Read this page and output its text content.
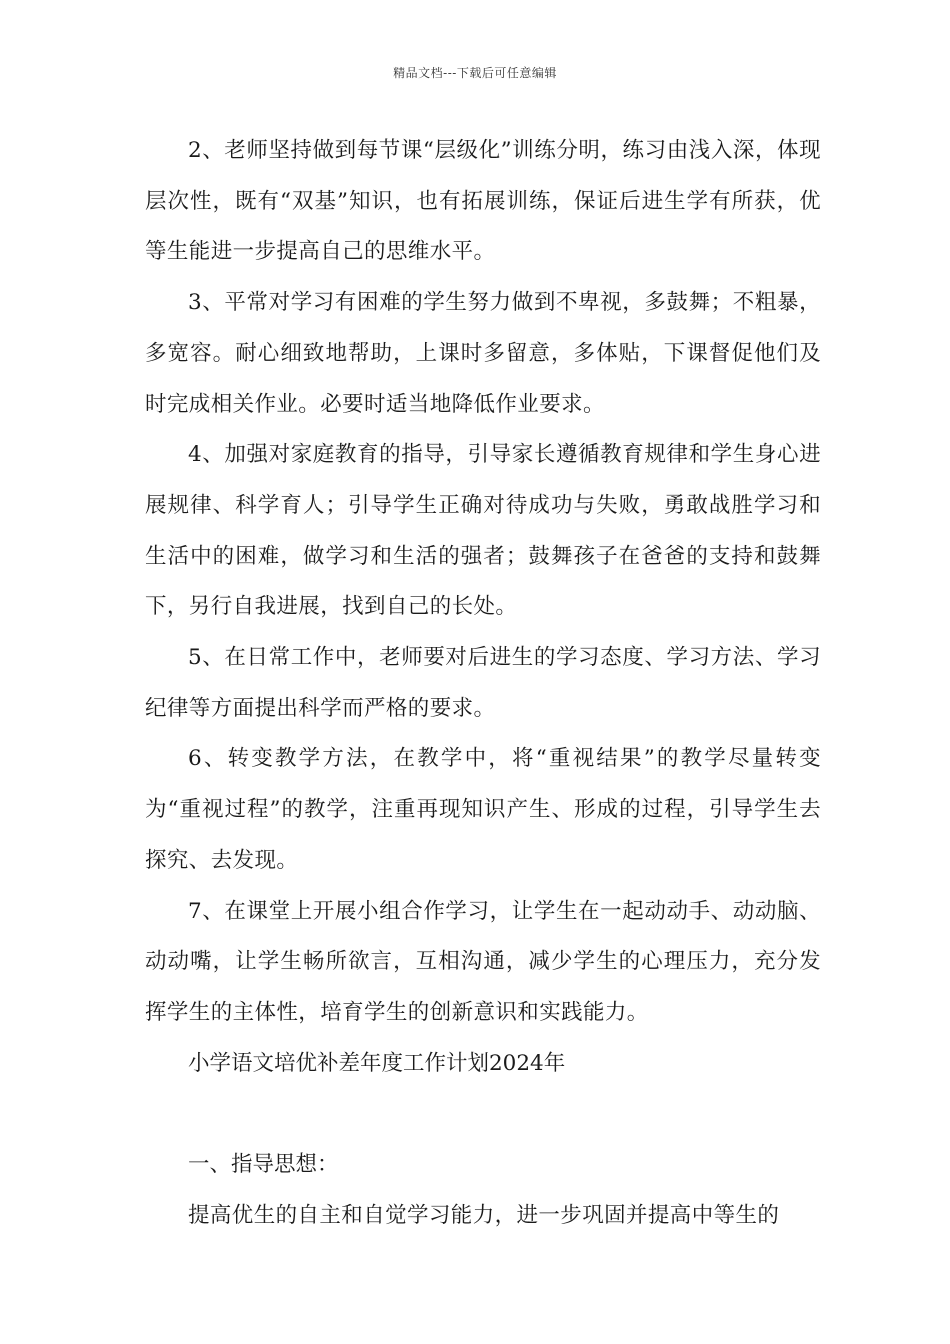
精品文档---下载后可任意编辑

2、老师坚持做到每节课“层级化”训练分明，练习由浅入深，体现层次性，既有“双基”知识，也有拓展训练，保证后进生学有所获，优等生能进一步提高自己的思维水平。

3、平常对学习有困难的学生努力做到不卑视，多鼓舞；不粗暴，多宽容。耐心细致地帮助，上课时多留意，多体贴，下课督促他们及时完成相关作业。必要时适当地降低作业要求。

4、加强对家庭教育的指导，引导家长遵循教育规律和学生身心进展规律、科学育人；引导学生正确对待成功与失败，勇敢战胜学习和生活中的困难，做学习和生活的强者；鼓舞孩子在爸爸的支持和鼓舞下，另行自我进展，找到自己的长处。

5、在日常工作中，老师要对后进生的学习态度、学习方法、学习纪律等方面提出科学而严格的要求。

6、转变教学方法，在教学中，将“重视结果”的教学尽量转变为“重视过程”的教学，注重再现知识产生、形成的过程，引导学生去探究、去发现。

7、在课堂上开展小组合作学习，让学生在一起动动手、动动脑、动动嘴，让学生畅所欲言，互相沟通，减少学生的心理压力，充分发挥学生的主体性，培育学生的创新意识和实践能力。

小学语文培优补差年度工作计划2024年

一、指导思想：

提高优生的自主和自觉学习能力，进一步巩固并提高中等生的
